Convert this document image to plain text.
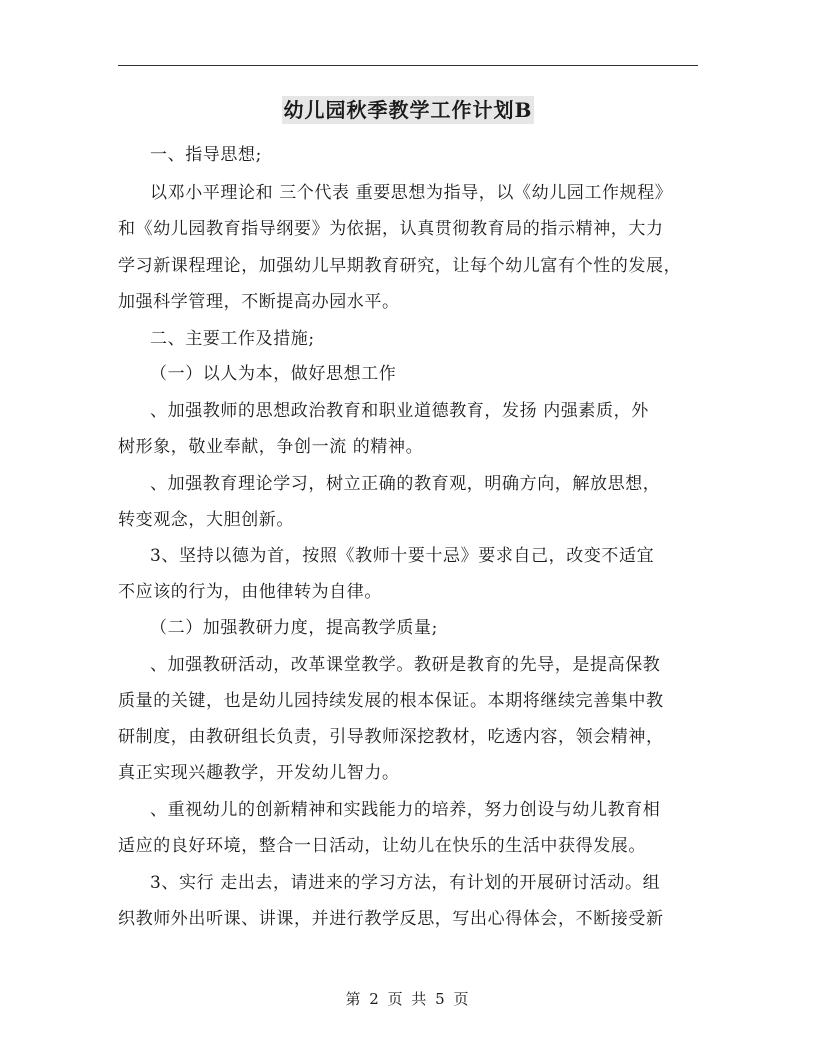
幼儿园秋季教学工作计划B
一、指导思想;
以邓小平理论和 三个代表 重要思想为指导，以《幼儿园工作规程》
和《幼儿园教育指导纲要》为依据，认真贯彻教育局的指示精神，大力
学习新课程理论，加强幼儿早期教育研究，让每个幼儿富有个性的发展，
加强科学管理，不断提高办园水平。
二、主要工作及措施;
（一）以人为本，做好思想工作
、加强教师的思想政治教育和职业道德教育，发扬 内强素质，外
树形象，敬业奉献，争创一流 的精神。
、加强教育理论学习，树立正确的教育观，明确方向，解放思想，
转变观念，大胆创新。
3、坚持以德为首，按照《教师十要十忌》要求自己，改变不适宜
不应该的行为，由他律转为自律。
（二）加强教研力度，提高教学质量;
、加强教研活动，改革课堂教学。教研是教育的先导，是提高保教
质量的关键，也是幼儿园持续发展的根本保证。本期将继续完善集中教
研制度，由教研组长负责，引导教师深挖教材，吃透内容，领会精神，
真正实现兴趣教学，开发幼儿智力。
、重视幼儿的创新精神和实践能力的培养，努力创设与幼儿教育相
适应的良好环境，整合一日活动，让幼儿在快乐的生活中获得发展。
3、实行 走出去，请进来的学习方法，有计划的开展研讨活动。组
织教师外出听课、讲课，并进行教学反思，写出心得体会，不断接受新
第 2 页 共 5 页
